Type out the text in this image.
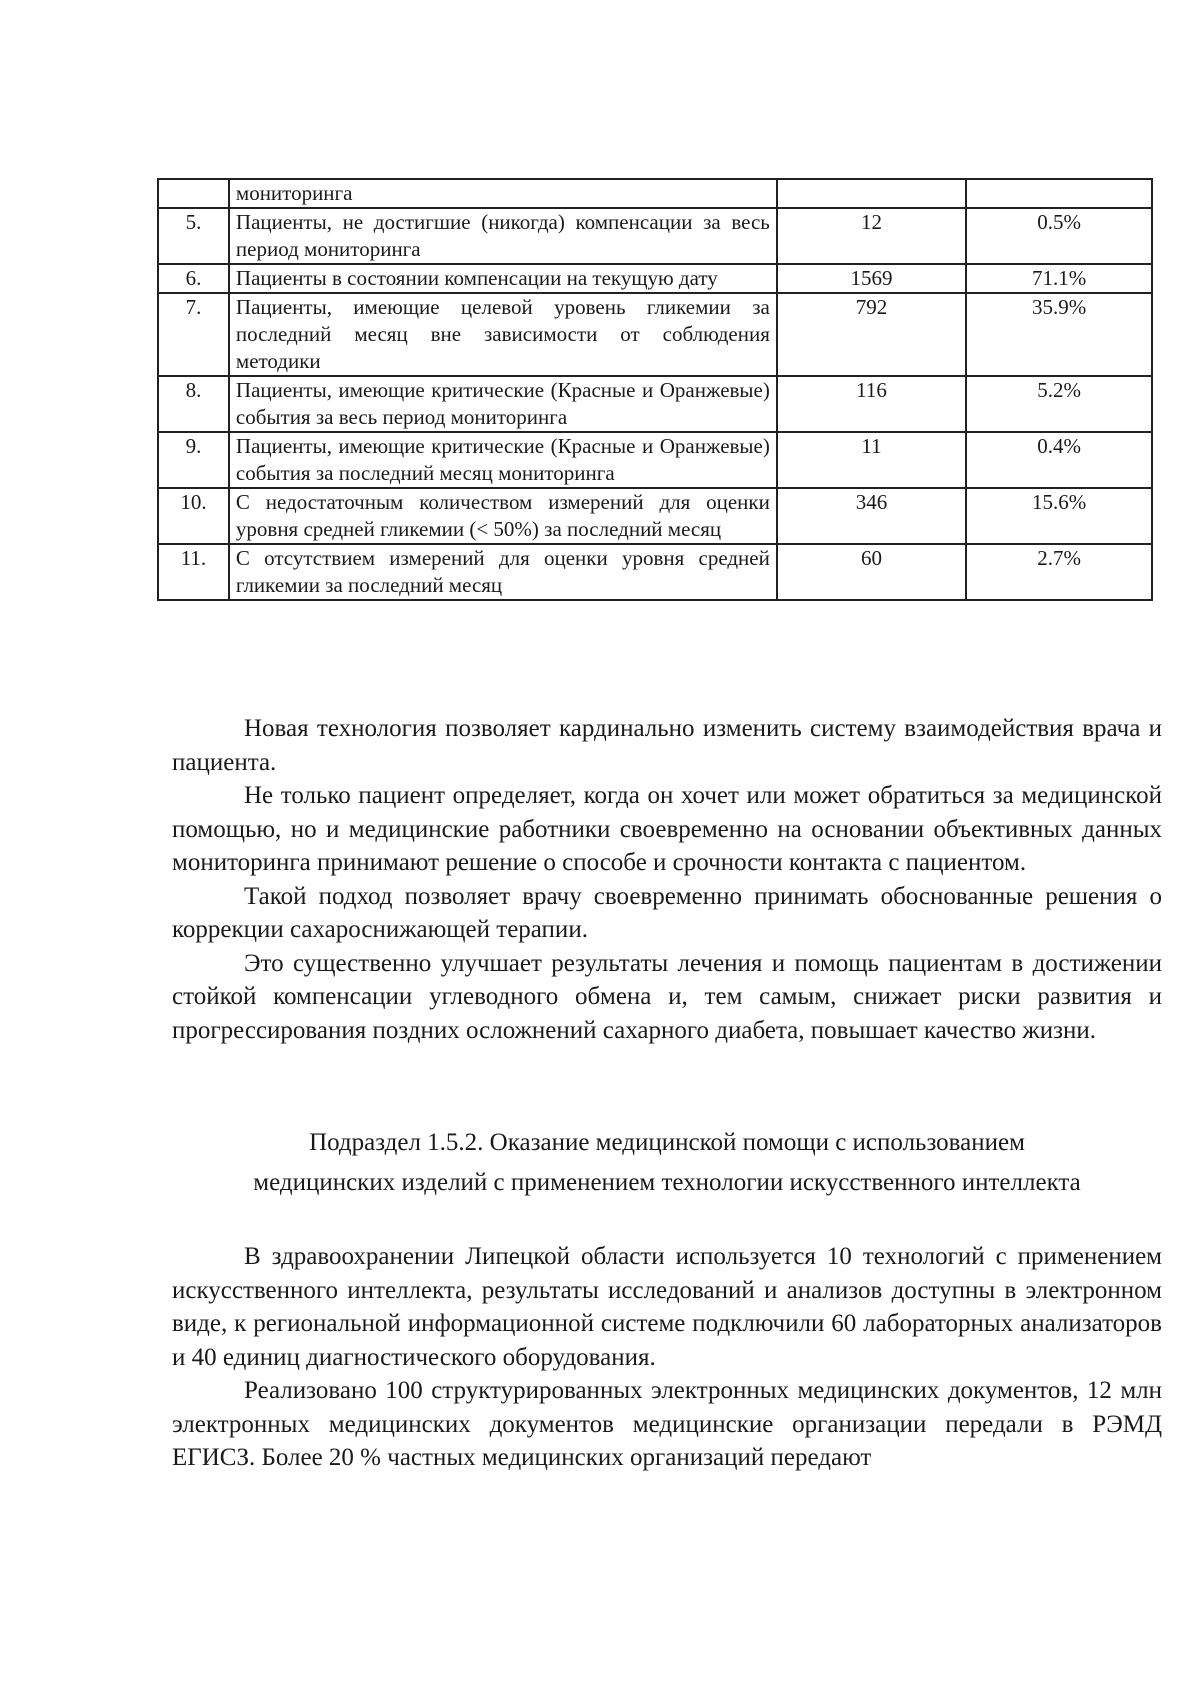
	мониторинга		
5.	Пациенты, не достигшие (никогда) компенсации за весь период мониторинга	12	0.5%
6.	Пациенты в состоянии компенсации на текущую дату	1569	71.1%
7.	Пациенты, имеющие целевой уровень гликемии за последний месяц вне зависимости от соблюдения методики	792	35.9%
8.	Пациенты, имеющие критические (Красные и Оранжевые) события за весь период мониторинга	116	5.2%
9.	Пациенты, имеющие критические (Красные и Оранжевые) события за последний месяц мониторинга	11	0.4%
10.	С недостаточным количеством измерений для оценки уровня средней гликемии (< 50%) за последний месяц	346	15.6%
11.	С отсутствием измерений для оценки уровня средней гликемии за последний месяц	60	2.7%

Новая технология позволяет кардинально изменить систему взаимодействия врача и пациента.

Не только пациент определяет, когда он хочет или может обратиться за медицинской помощью, но и медицинские работники своевременно на основании объективных данных мониторинга принимают решение о способе и срочности контакта с пациентом.

Такой подход позволяет врачу своевременно принимать обоснованные решения о коррекции сахароснижающей терапии.

Это существенно улучшает результаты лечения и помощь пациентам в достижении стойкой компенсации углеводного обмена и, тем самым, снижает риски развития и прогрессирования поздних осложнений сахарного диабета, повышает качество жизни.

Подраздел 1.5.2. Оказание медицинской помощи с использованием
медицинских изделий с применением технологии искусственного интеллекта

В здравоохранении Липецкой области используется 10 технологий с применением искусственного интеллекта, результаты исследований и анализов доступны в электронном виде, к региональной информационной системе подключили 60 лабораторных анализаторов и 40 единиц диагностического оборудования.

Реализовано 100 структурированных электронных медицинских документов, 12 млн электронных медицинских документов медицинские организации передали в РЭМД ЕГИСЗ. Более 20 % частных медицинских организаций передают
